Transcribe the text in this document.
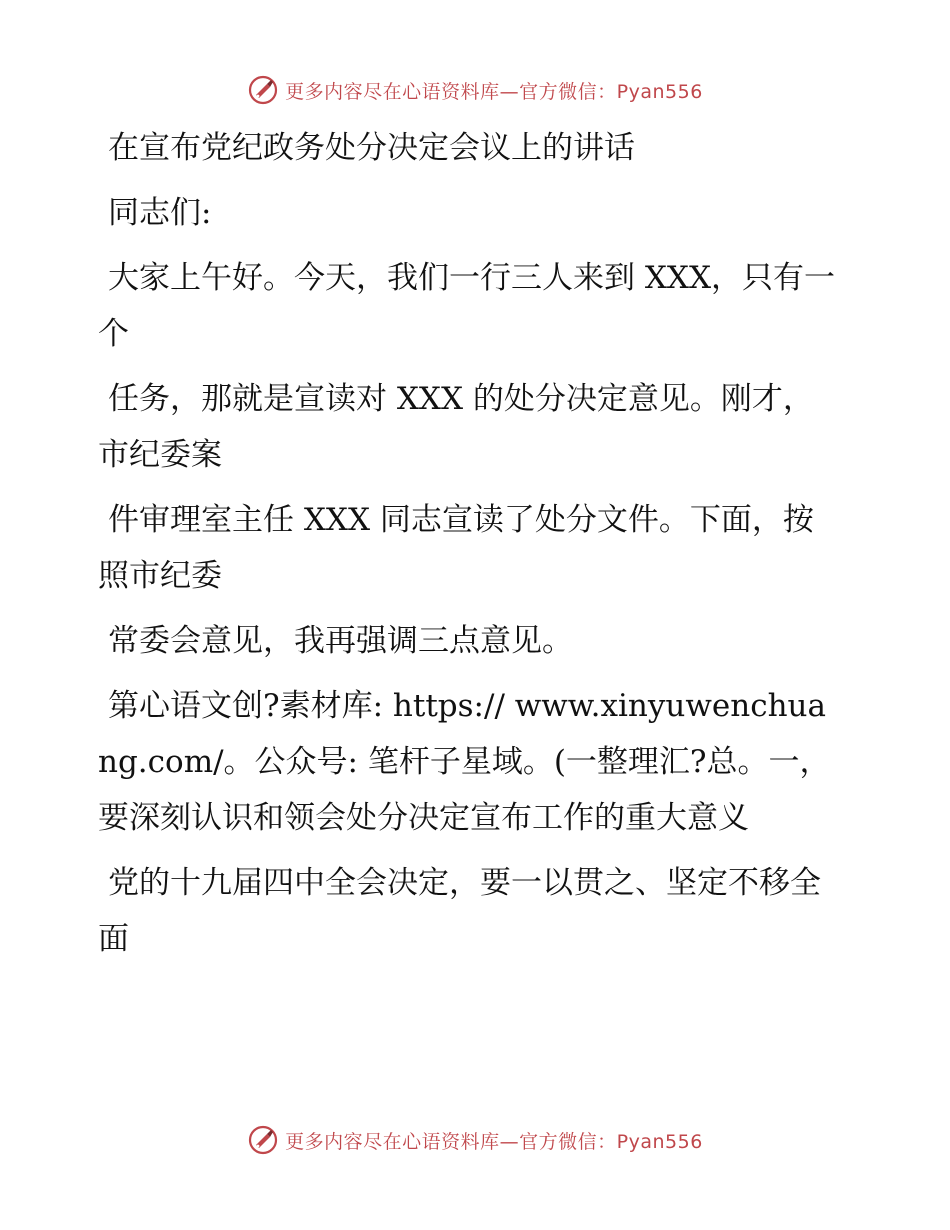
更多内容尽在心语资料库—官方微信：Pyan556

在宣布党纪政务处分决定会议上的讲话

同志们:

大家上午好。今天，我们一行三人来到 XXX，只有一个

任务，那就是宣读对 XXX 的处分决定意见。刚才，市纪委案

件审理室主任 XXX 同志宣读了处分文件。下面，按照市纪委

常委会意见，我再强调三点意见。

第心语文创?素材库: https:// www.xinyuwenchuang.com/。公众号: 笔杆子星域。(一整理汇?总。一，要深刻认识和领会处分决定宣布工作的重大意义

党的十九届四中全会决定，要一以贯之、坚定不移全面

更多内容尽在心语资料库—官方微信：Pyan556
